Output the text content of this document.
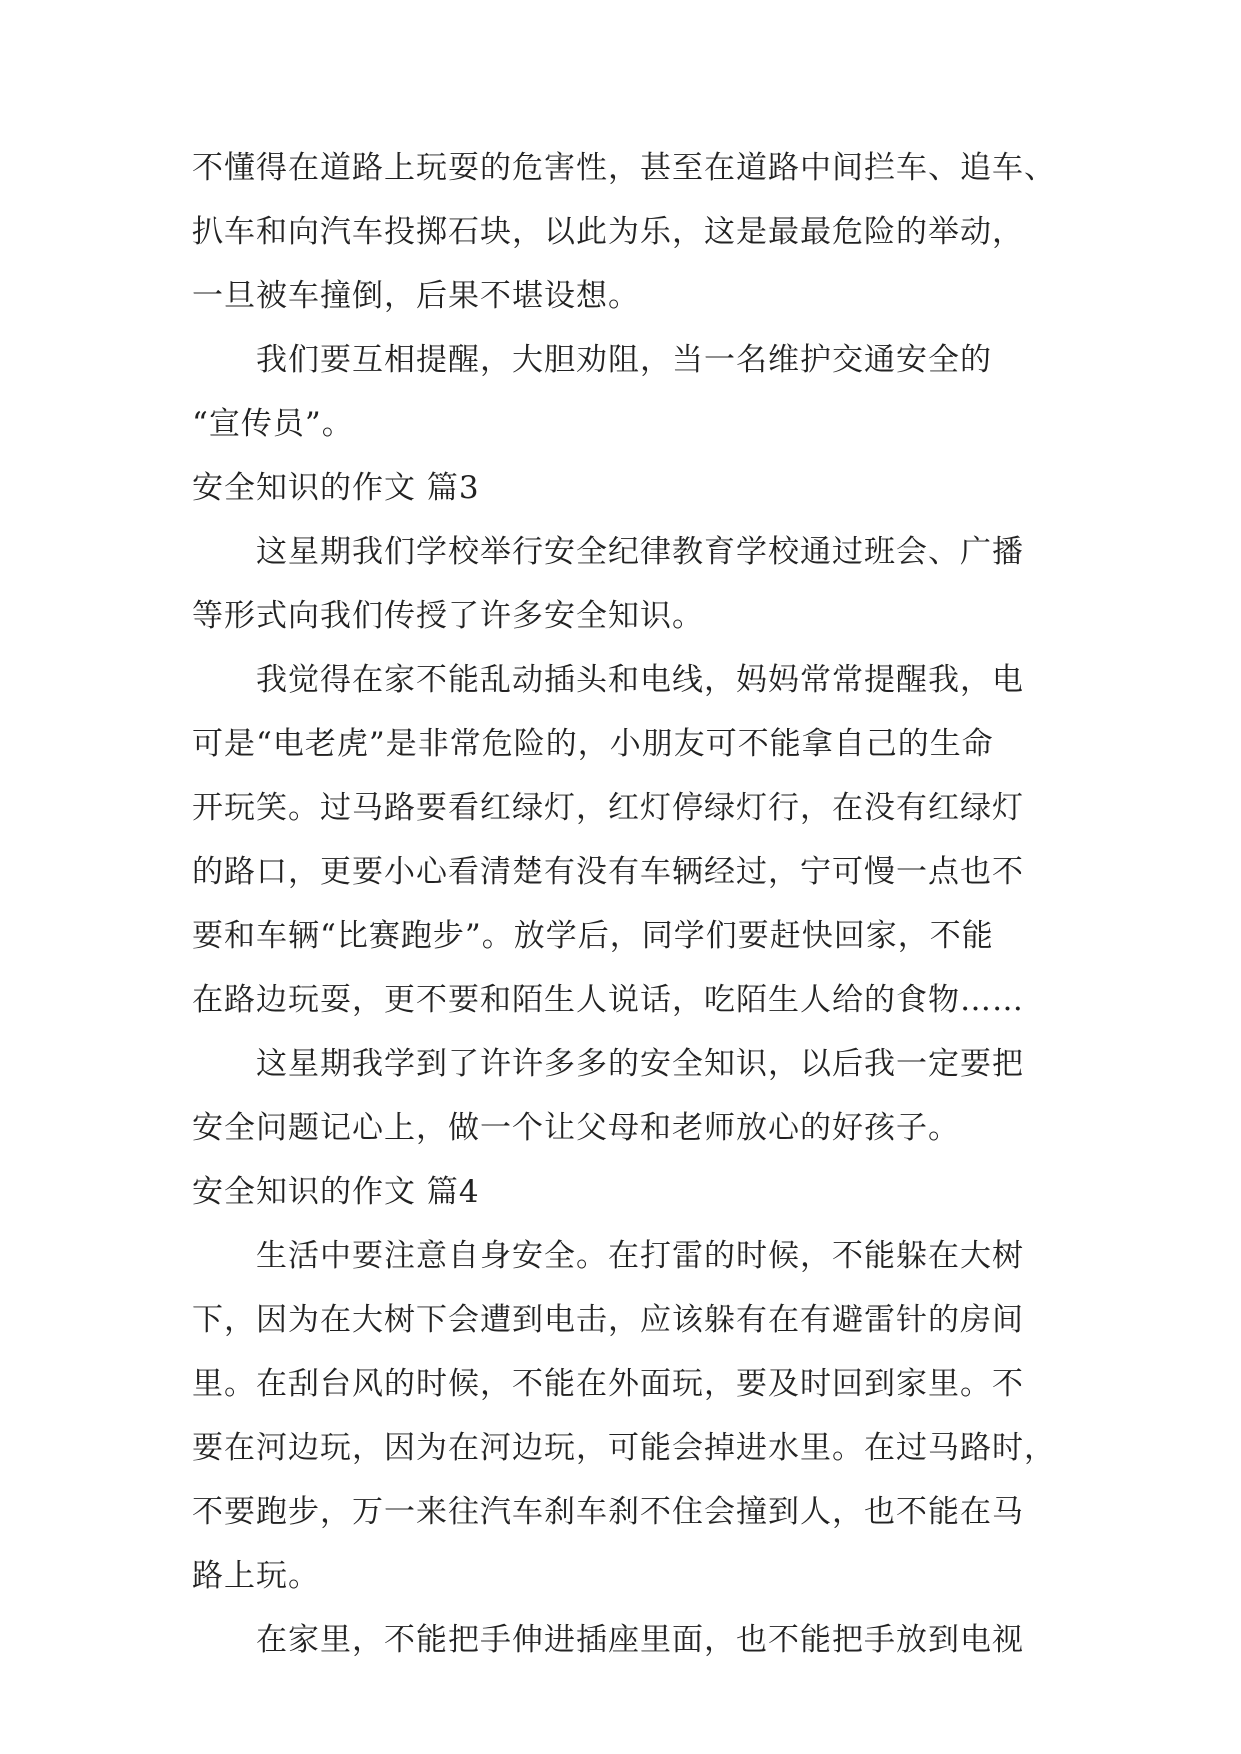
不懂得在道路上玩耍的危害性，甚至在道路中间拦车、追车、
扒车和向汽车投掷石块，以此为乐，这是最最危险的举动，
一旦被车撞倒，后果不堪设想。
我们要互相提醒，大胆劝阻，当一名维护交通安全的
“宣传员”。
安全知识的作文 篇3
这星期我们学校举行安全纪律教育学校通过班会、广播
等形式向我们传授了许多安全知识。
我觉得在家不能乱动插头和电线，妈妈常常提醒我，电
可是“电老虎”是非常危险的，小朋友可不能拿自己的生命
开玩笑。过马路要看红绿灯，红灯停绿灯行，在没有红绿灯
的路口，更要小心看清楚有没有车辆经过，宁可慢一点也不
要和车辆“比赛跑步”。放学后，同学们要赶快回家，不能
在路边玩耍，更不要和陌生人说话，吃陌生人给的食物……
这星期我学到了许许多多的安全知识，以后我一定要把
安全问题记心上，做一个让父母和老师放心的好孩子。
安全知识的作文 篇4
生活中要注意自身安全。在打雷的时候，不能躲在大树
下，因为在大树下会遭到电击，应该躲有在有避雷针的房间
里。在刮台风的时候，不能在外面玩，要及时回到家里。不
要在河边玩，因为在河边玩，可能会掉进水里。在过马路时，
不要跑步，万一来往汽车刹车刹不住会撞到人，也不能在马
路上玩。
在家里，不能把手伸进插座里面，也不能把手放到电视
